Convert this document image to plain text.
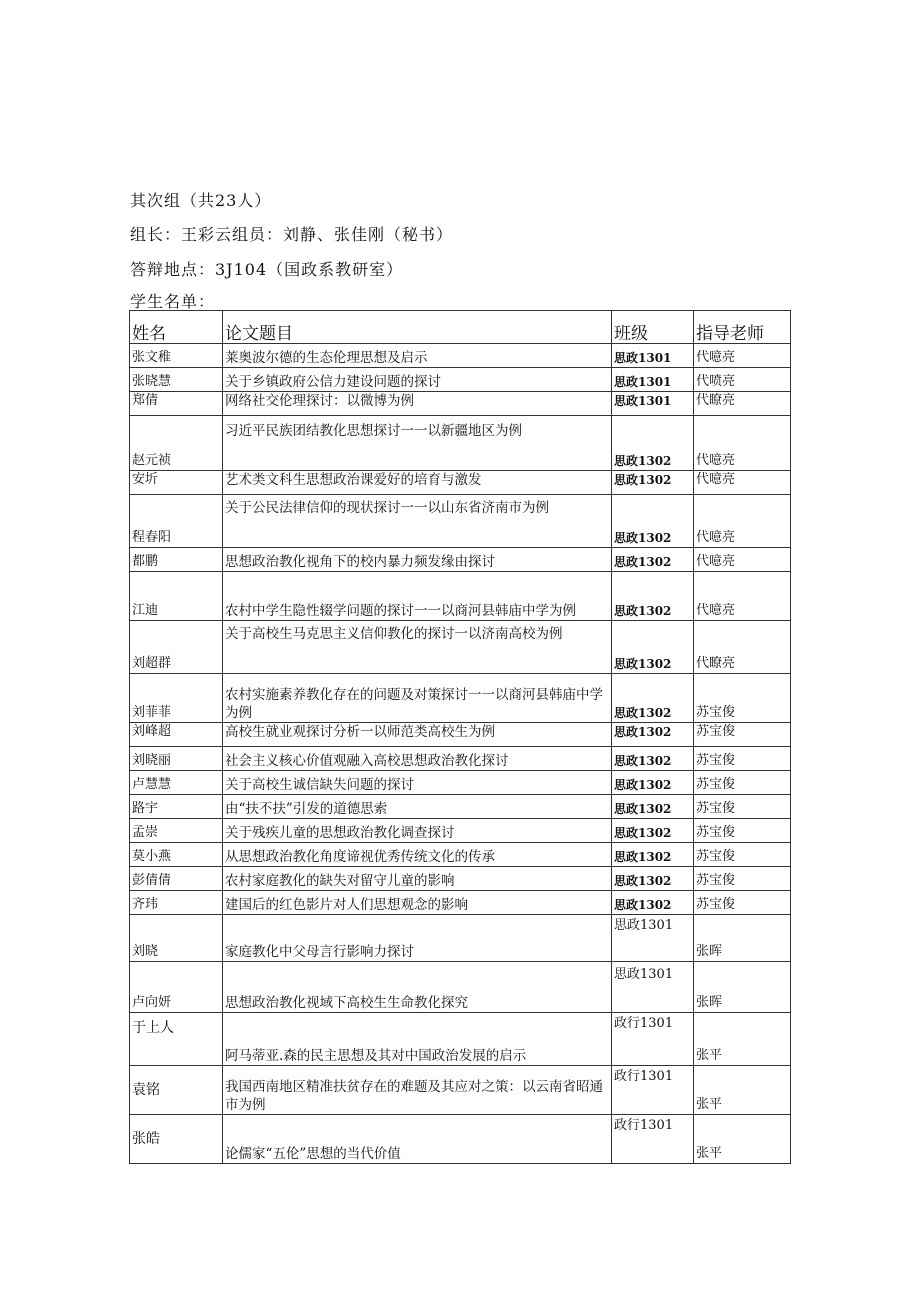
其次组（共23人）
组长：王彩云组员：刘静、张佳刚（秘书）
答辩地点：3J104（国政系教研室）
学生名单：
姓名	论文题目	班级	指导老师
张文稚	莱奥波尔德的生态伦理思想及启示	思政1301	代噫亮
张晓慧	关于乡镇政府公信力建设问题的探讨	思政1301	代喷亮
郑倩	网络社交伦理探讨：以微博为例	思政1301	代瞭亮
赵元祯	习近平民族团结教化思想探讨一一以新疆地区为例	思政1302	代噫亮
安圻	艺术类文科生思想政治课爱好的培育与激发	思政1302	代噫亮
程春阳	关于公民法律信仰的现状探讨一一以山东省济南市为例	思政1302	代噫亮
都鹏	思想政治教化视角下的校内暴力频发缘由探讨	思政1302	代噫亮
江迪	农村中学生隐性辍学问题的探讨一一以商河县韩庙中学为例	思政1302	代噫亮
刘超群	关于高校生马克思主义信仰教化的探讨一以济南高校为例	思政1302	代瞭亮
刘菲菲	农村实施素养教化存在的问题及对策探讨一一以商河县韩庙中学为例	思政1302	苏宝俊
刘峰超	高校生就业观探讨分析一以师范类高校生为例	思政1302	苏宝俊
刘晓丽	社会主义核心价值观融入高校思想政治教化探讨	思政1302	苏宝俊
卢慧慧	关于高校生诚信缺失问题的探讨	思政1302	苏宝俊
路宇	由“扶不扶”引发的道德思索	思政1302	苏宝俊
孟崇	关于残疾儿童的思想政治教化调查探讨	思政1302	苏宝俊
莫小燕	从思想政治教化角度谛视优秀传统文化的传承	思政1302	苏宝俊
彭倩倩	农村家庭教化的缺失对留守儿童的影响	思政1302	苏宝俊
齐玮	建国后的红色影片对人们思想观念的影响	思政1302	苏宝俊
刘晓	家庭教化中父母言行影响力探讨	思政1301	张晖
卢向妍	思想政治教化视域下高校生生命教化探究	思政1301	张晖
于上人	阿马蒂亚.森的民主思想及其对中国政治发展的启示	政行1301	张平
袁铭	我国西南地区精准扶贫存在的难题及其应对之策：以云南省昭通市为例	政行1301	张平
张皓	论儒家“五伦”思想的当代价值	政行1301	张平
